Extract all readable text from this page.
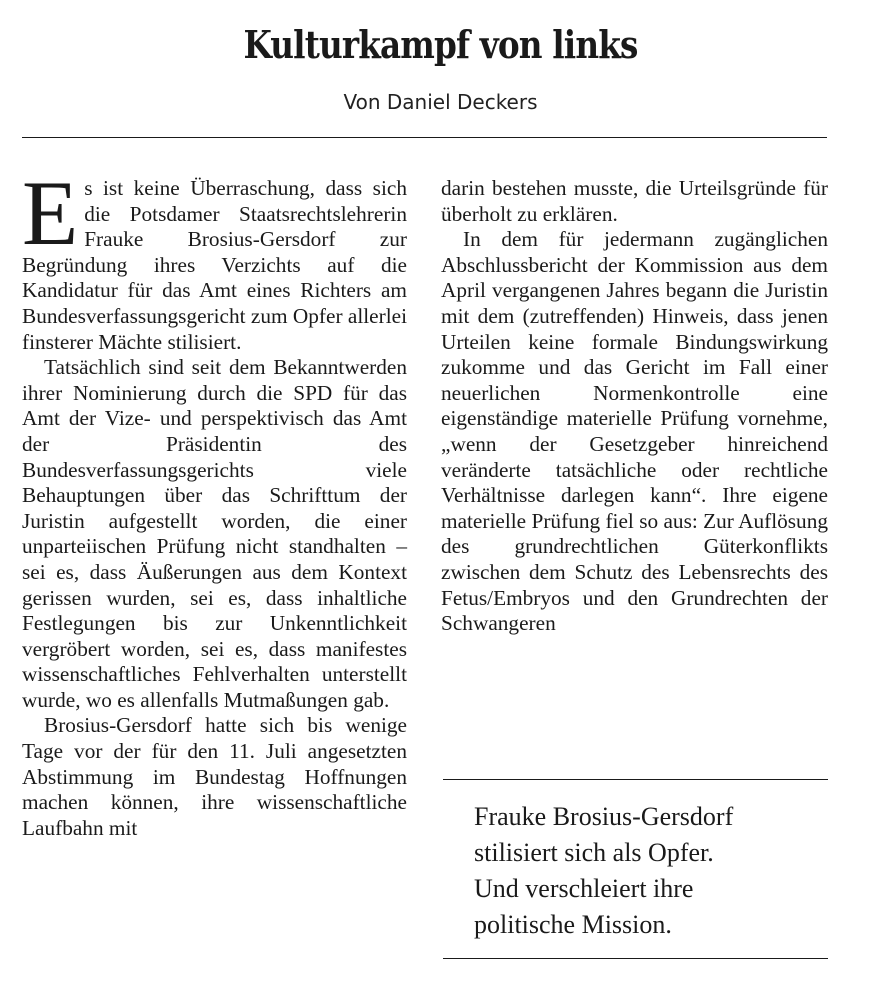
Kulturkampf von links
Von Daniel Deckers

Es ist keine Überraschung, dass sich die Potsdamer Staatsrechtslehrerin Frauke Brosius-Gersdorf zur Begründung ihres Verzichts auf die Kandidatur für das Amt eines Richters am Bundesverfassungsgericht zum Opfer allerlei finsterer Mächte stilisiert.

Tatsächlich sind seit dem Bekanntwerden ihrer Nominierung durch die SPD für das Amt der Vize- und perspektivisch das Amt der Präsidentin des Bundesverfassungsgerichts viele Behauptungen über das Schrifttum der Juristin aufgestellt worden, die einer unparteiischen Prüfung nicht standhalten – sei es, dass Äußerungen aus dem Kontext gerissen wurden, sei es, dass inhaltliche Festlegungen bis zur Unkenntlichkeit vergröbert worden, sei es, dass manifestes wissenschaftliches Fehlverhalten unterstellt wurde, wo es allenfalls Mutmaßungen gab.

Brosius-Gersdorf hatte sich bis wenige Tage vor der für den 11. Juli angesetzten Abstimmung im Bundestag Hoffnungen machen können, ihre wissenschaftliche Laufbahn mit

darin bestehen musste, die Urteilsgründe für überholt zu erklären.

In dem für jedermann zugänglichen Abschlussbericht der Kommission aus dem April vergangenen Jahres begann die Juristin mit dem (zutreffenden) Hinweis, dass jenen Urteilen keine formale Bindungswirkung zukomme und das Gericht im Fall einer neuerlichen Normenkontrolle eine eigenständige materielle Prüfung vornehme, „wenn der Gesetzgeber hinreichend veränderte tatsächliche oder rechtliche Verhältnisse darlegen kann“. Ihre eigene materielle Prüfung fiel so aus: Zur Auflösung des grundrechtlichen Güterkonflikts zwischen dem Schutz des Lebensrechts des Fetus/Embryos und den Grundrechten der Schwangeren

Frauke Brosius-Gersdorf
stilisiert sich als Opfer.
Und verschleiert ihre
politische Mission.
